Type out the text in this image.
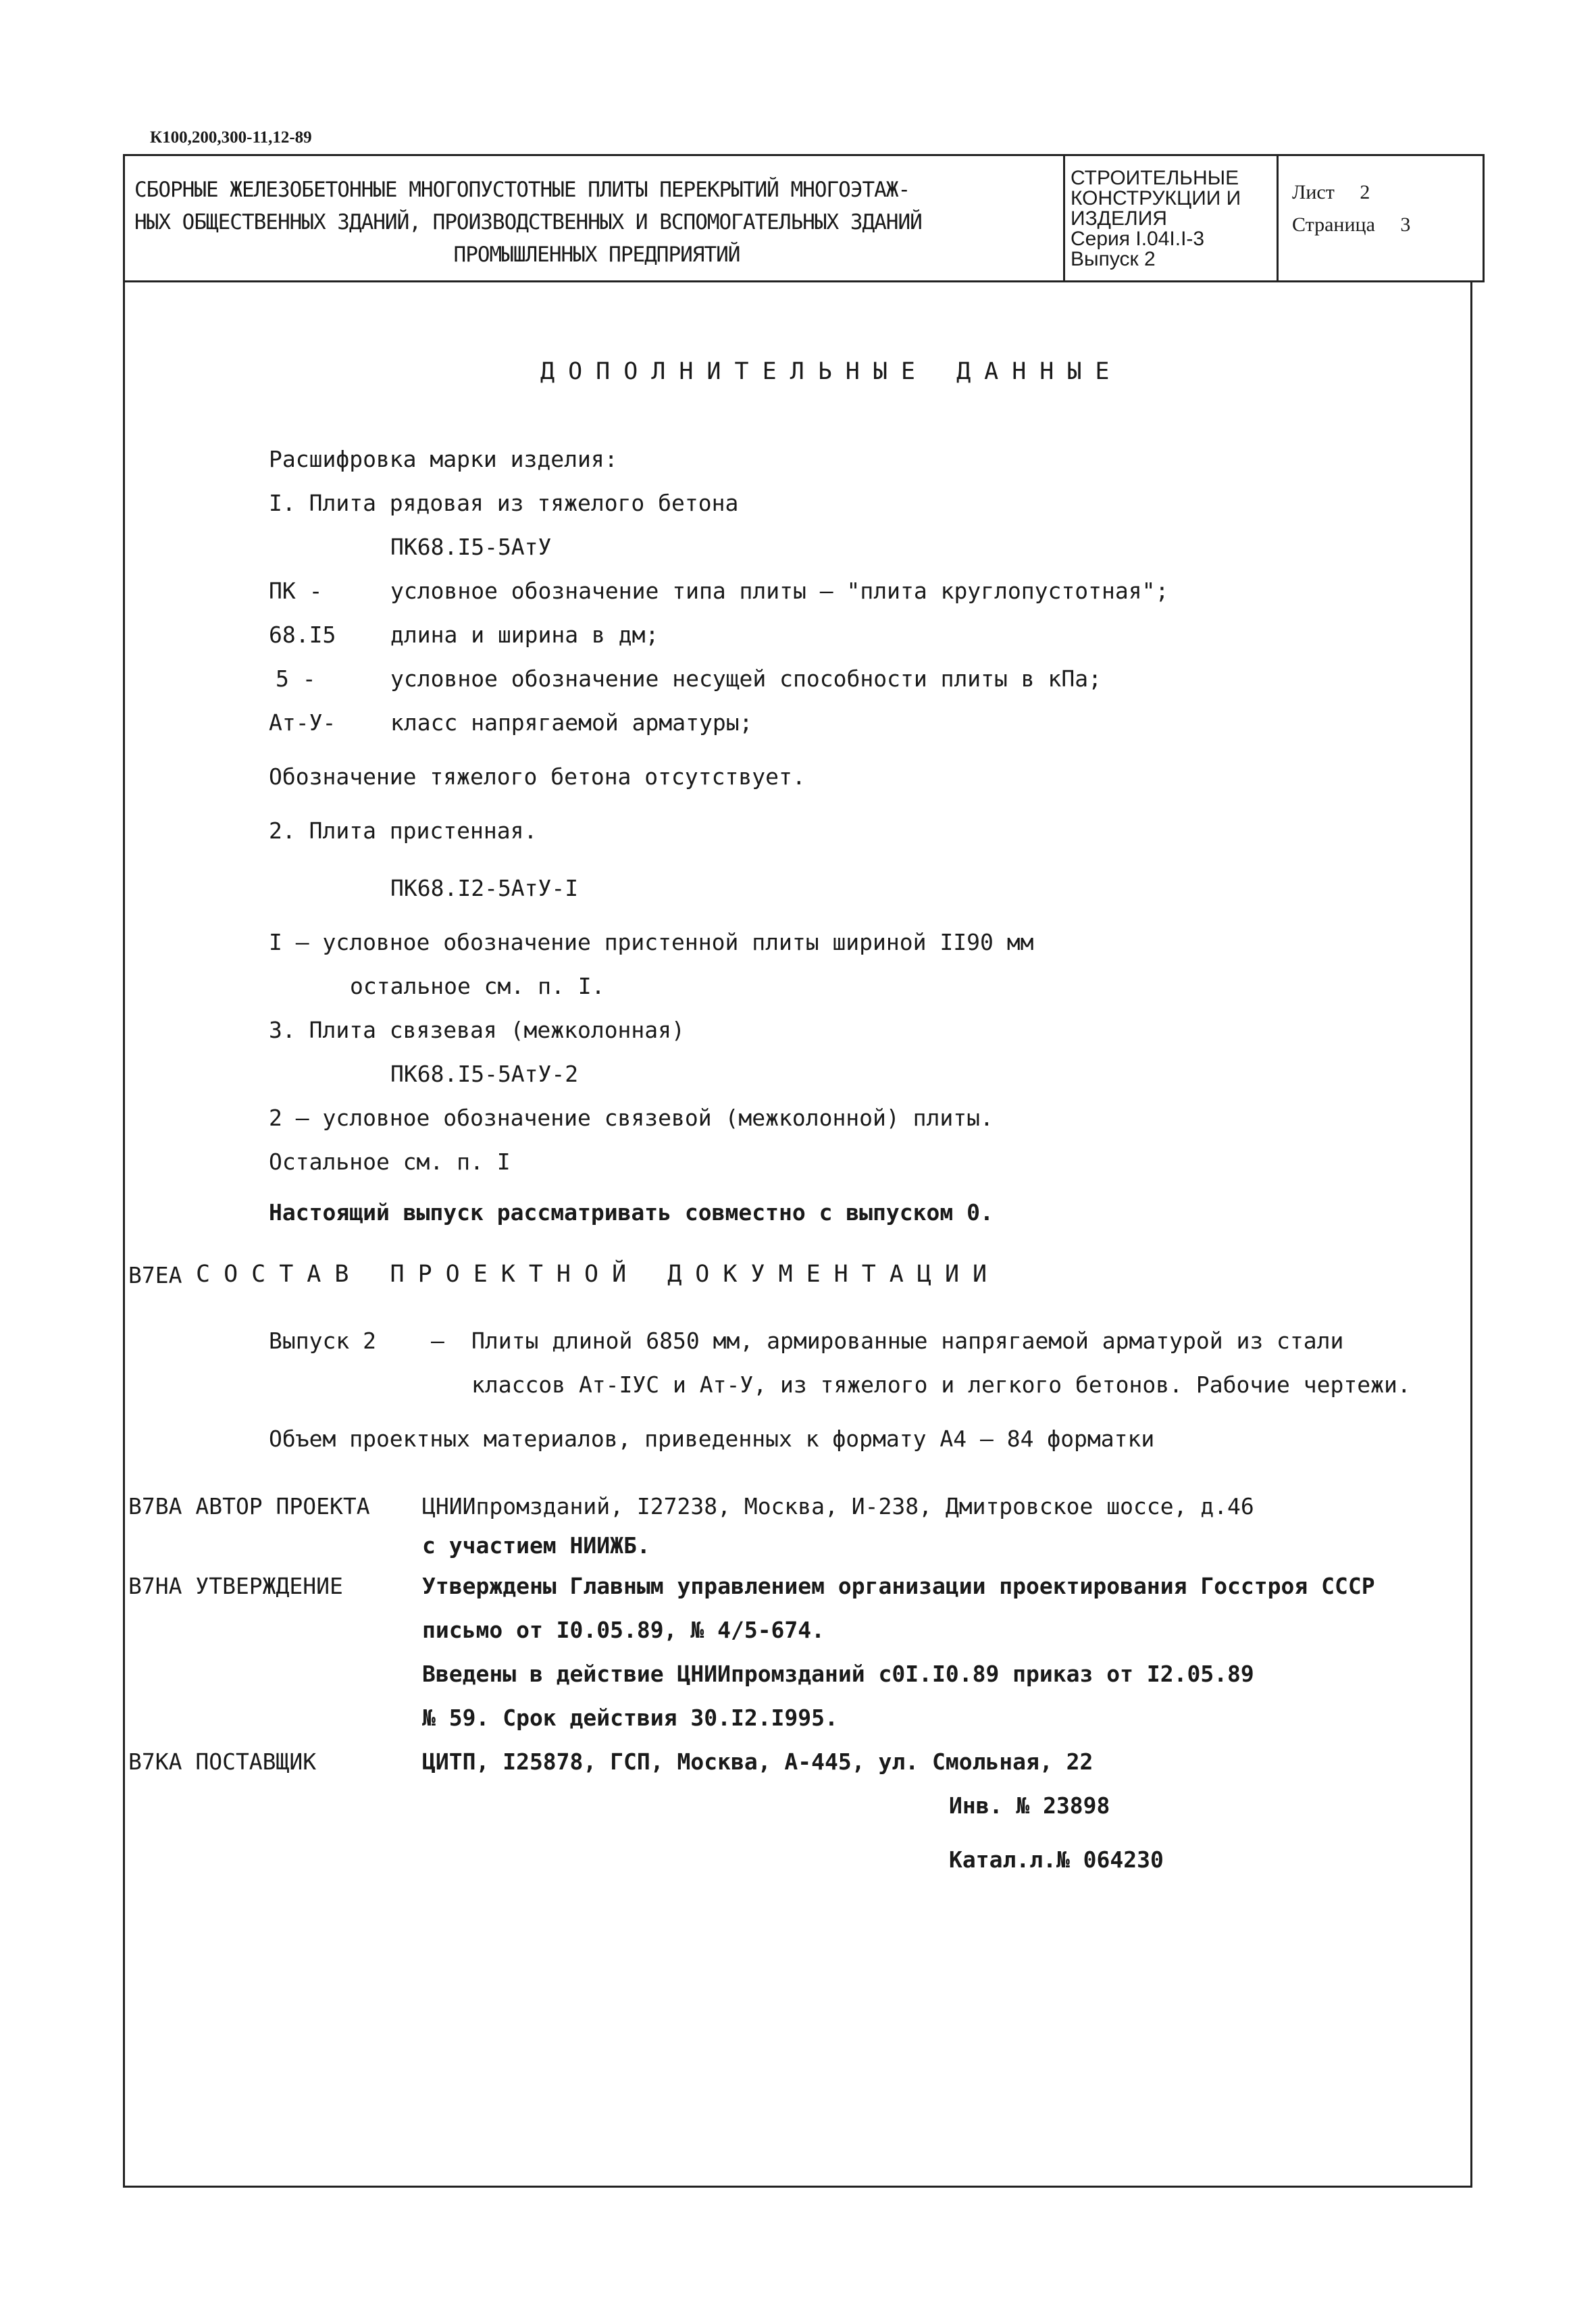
К100,200,300-11,12-89
СБОРНЫЕ ЖЕЛЕЗОБЕТОННЫЕ МНОГОПУСТОТНЫЕ ПЛИТЫ ПЕРЕКРЫТИЙ МНОГОЭТАЖ-
НЫХ ОБЩЕСТВЕННЫХ ЗДАНИЙ, ПРОИЗВОДСТВЕННЫХ И ВСПОМОГАТЕЛЬНЫХ ЗДАНИЙ
ПРОМЫШЛЕННЫХ ПРЕДПРИЯТИЙ
СТРОИТЕЛЬНЫЕ
КОНСТРУКЦИИ И
ИЗДЕЛИЯ
Серия I.04I.I-3
Выпуск 2
Лист 2
Страница 3
ДОПОЛНИТЕЛЬНЫЕ ДАННЫЕ
Расшифровка марки изделия:
I. Плита рядовая из тяжелого бетона
ПК68.I5-5АтУ
ПК -	условное обозначение типа плиты – "плита круглопустотная";
68.I5 длина и ширина в дм;
5 -	условное обозначение несущей способности плиты в кПа;
Ат-У- класс напрягаемой арматуры;
Обозначение тяжелого бетона отсутствует.
2. Плита пристенная.
ПК68.I2-5АтУ-I
I – условное обозначение пристенной плиты шириной II90 мм
остальное см. п. I.
3. Плита связевая (межколонная)
ПК68.I5-5АтУ-2
2 – условное обозначение связевой (межколонной) плиты.
Остальное см. п. I
Настоящий выпуск рассматривать совместно с выпуском 0.
В7ЕА СОСТАВ ПРОЕКТНОЙ ДОКУМЕНТАЦИИ
Выпуск 2 – Плиты длиной 6850 мм, армированные напрягаемой арматурой из стали
классов Ат-IУС и Ат-У, из тяжелого и легкого бетонов. Рабочие чертежи.
Объем проектных материалов, приведенных к формату А4 – 84 форматки
В7ВА АВТОР ПРОЕКТА ЦНИИпромзданий, I27238, Москва, И-238, Дмитровское шоссе, д.46
с участием НИИЖБ.
В7НА УТВЕРЖДЕНИЕ	Утверждены Главным управлением организации проектирования Госстроя СССР
письмо от I0.05.89, № 4/5-674.
Введены в действие ЦНИИпромзданий с0I.I0.89 приказ от I2.05.89
№ 59. Срок действия 30.I2.I995.
В7КА ПОСТАВЩИК	ЦИТП, I25878, ГСП, Москва, А-445, ул. Смольная, 22
Инв. № 23898
Катал.л.№ 064230
